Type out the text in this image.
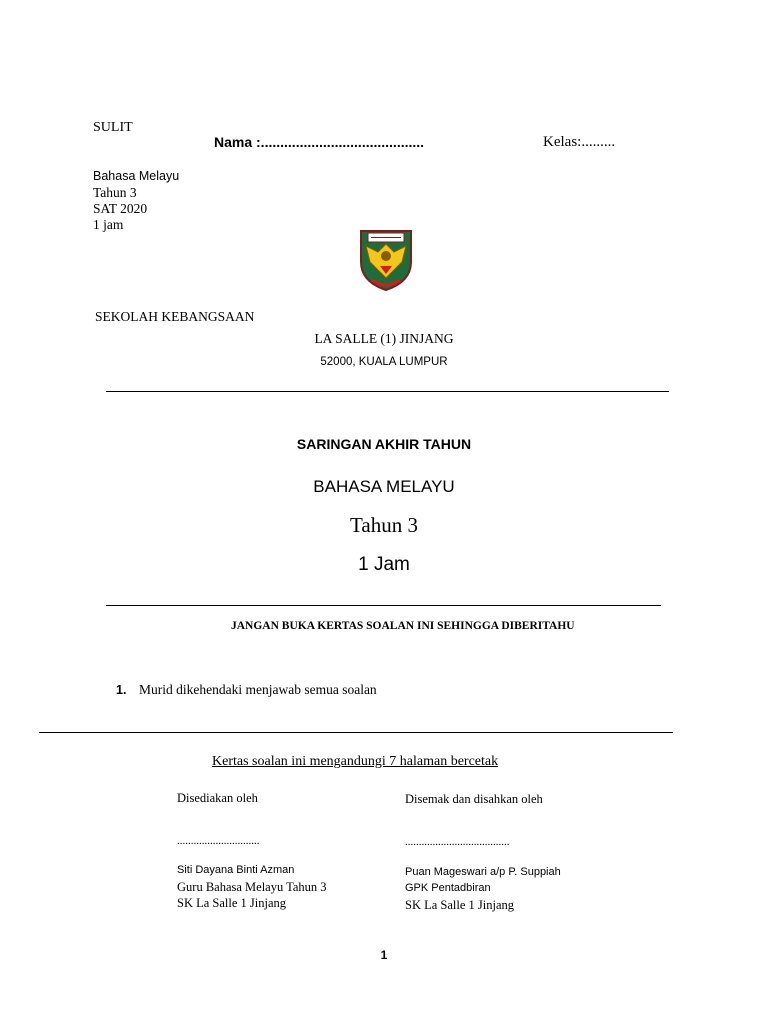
SULIT
Nama :..........................................	Kelas:.........
Bahasa Melayu
Tahun 3
SAT 2020
1 jam
SEKOLAH KEBANGSAAN
LA SALLE (1) JINJANG
52000, KUALA LUMPUR
SARINGAN AKHIR TAHUN
BAHASA MELAYU
Tahun 3
1 Jam
JANGAN BUKA KERTAS SOALAN INI SEHINGGA DIBERITAHU
1. Murid dikehendaki menjawab semua soalan
Kertas soalan ini mengandungi 7 halaman bercetak
Disediakan oleh
..............................
Siti Dayana Binti Azman
Guru Bahasa Melayu Tahun 3
SK La Salle 1 Jinjang
Disemak dan disahkan oleh
......................................
Puan Mageswari a/p P. Suppiah
GPK Pentadbiran
SK La Salle 1 Jinjang
1
